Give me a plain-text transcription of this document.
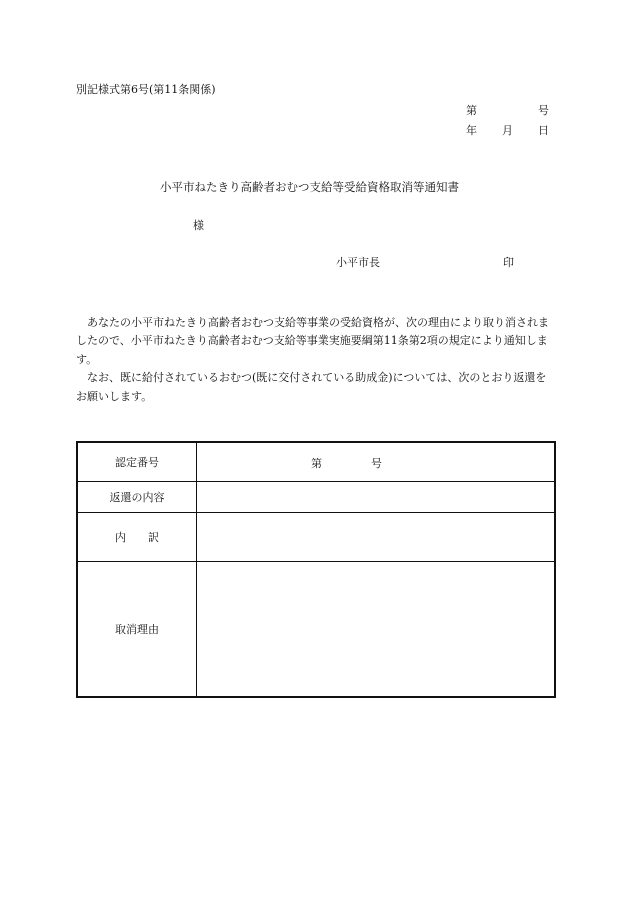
別記様式第6号(第11条関係)
第	号
年 月 日
小平市ねたきり高齢者おむつ支給等受給資格取消等通知書
様
小平市長	印

あなたの小平市ねたきり高齢者おむつ支給等事業の受給資格が、次の理由により取り消されましたので、小平市ねたきり高齢者おむつ支給等事業実施要綱第11条第2項の規定により通知します。

なお、既に給付されているおむつ(既に交付されている助成金)については、次のとおり返還をお願いします。

認定番号	第 号

返還の内容	
内　　訳	
取消理由	
